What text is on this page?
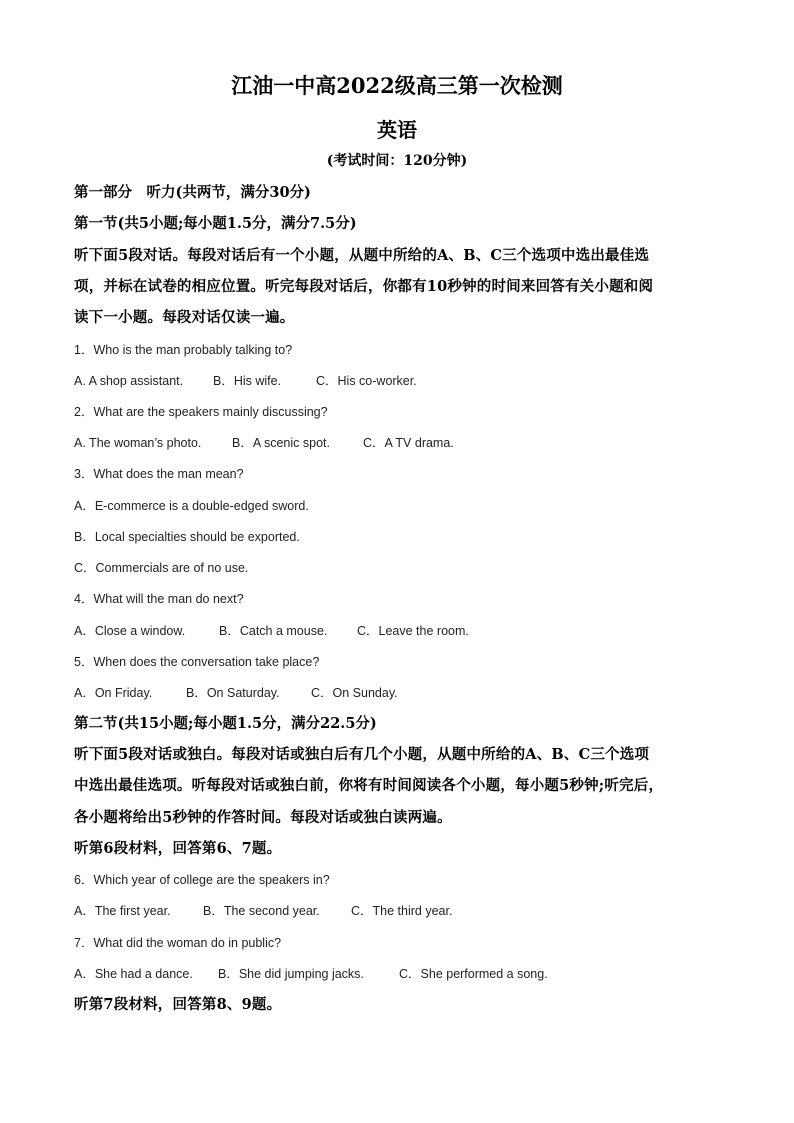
江油一中高2022级高三第一次检测
英语
(考试时间：120分钟)
第一部分　听力(共两节，满分30分)
第一节(共5小题;每小题1.5分，满分7.5分)
听下面5段对话。每段对话后有一个小题，从题中所给的A、B、C三个选项中选出最佳选
项，并标在试卷的相应位置。听完每段对话后，你都有10秒钟的时间来回答有关小题和阅
读下一小题。每段对话仅读一遍。
1．Who is the man probably talking to?
A. A shop assistant. B．His wife.	C．His co-worker.
2．What are the speakers mainly discussing?
A. The woman’s photo. B．A scenic spot.	C．A TV drama.
3．What does the man mean?
A．E-commerce is a double-edged sword.
B．Local specialties should be exported.
C．Commercials are of no use.
4．What will the man do next?
A．Close a window.	B．Catch a mouse. C．Leave the room.
5．When does the conversation take place?
A．On Friday.	B．On Saturday.	C．On Sunday.
第二节(共15小题;每小题1.5分，满分22.5分)
听下面5段对话或独白。每段对话或独白后有几个小题，从题中所给的A、B、C三个选项
中选出最佳选项。听每段对话或独白前，你将有时间阅读各个小题，每小题5秒钟;听完后，
各小题将给出5秒钟的作答时间。每段对话或独白读两遍。
听第6段材料，回答第6、7题。
6．Which year of college are the speakers in?
A．The first year.	B．The second year.	C．The third year.
7．What did the woman do in public?
A．She had a dance. B．She did jumping jacks.	C．She performed a song.
听第7段材料，回答第8、9题。
